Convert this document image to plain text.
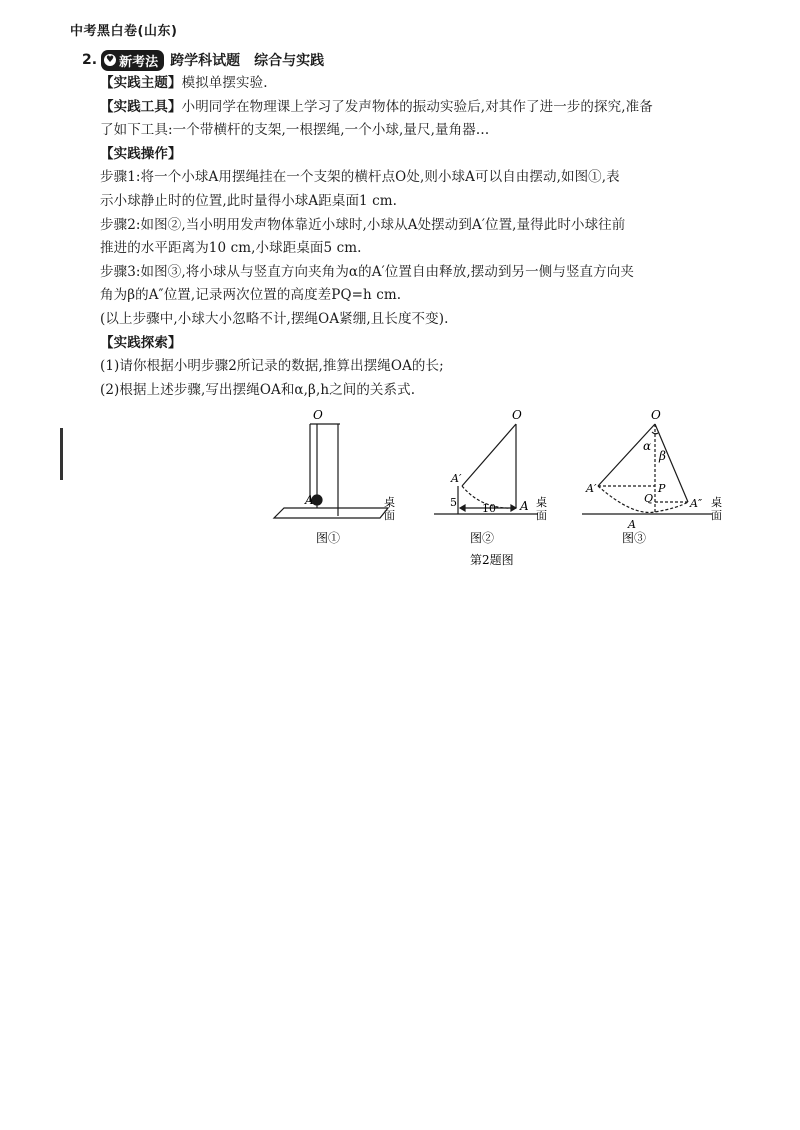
中考黑白卷(山东)
2. ♥ 新考法 跨学科试题 综合与实践

【实践主题】模拟单摆实验.

【实践工具】小明同学在物理课上学习了发声物体的振动实验后,对其作了进一步的探究,准备

了如下工具:一个带横杆的支架,一根摆绳,一个小球,量尺,量角器…

【实践操作】

步骤1:将一个小球A用摆绳挂在一个支架的横杆点O处,则小球A可以自由摆动,如图①,表

示小球静止时的位置,此时量得小球A距桌面1 cm.

步骤2:如图②,当小明用发声物体靠近小球时,小球从A处摆动到A′位置,量得此时小球往前

推进的水平距离为10 cm,小球距桌面5 cm.

步骤3:如图③,将小球从与竖直方向夹角为α的A′位置自由释放,摆动到另一侧与竖直方向夹

角为β的A″位置,记录两次位置的高度差PQ=h cm.

(以上步骤中,小球大小忽略不计,摆绳OA紧绷,且长度不变).

【实践探索】

(1)请你根据小明步骤2所记录的数据,推算出摆绳OA的长;

(2)根据上述步骤,写出摆绳OA和α,β,h之间的关系式.

O
A	桌
面
图①
O
A′
A
5 10	桌
面
图②
O
α
β
A′	P
Q	A″
A
桌
面
图③
第2题图
